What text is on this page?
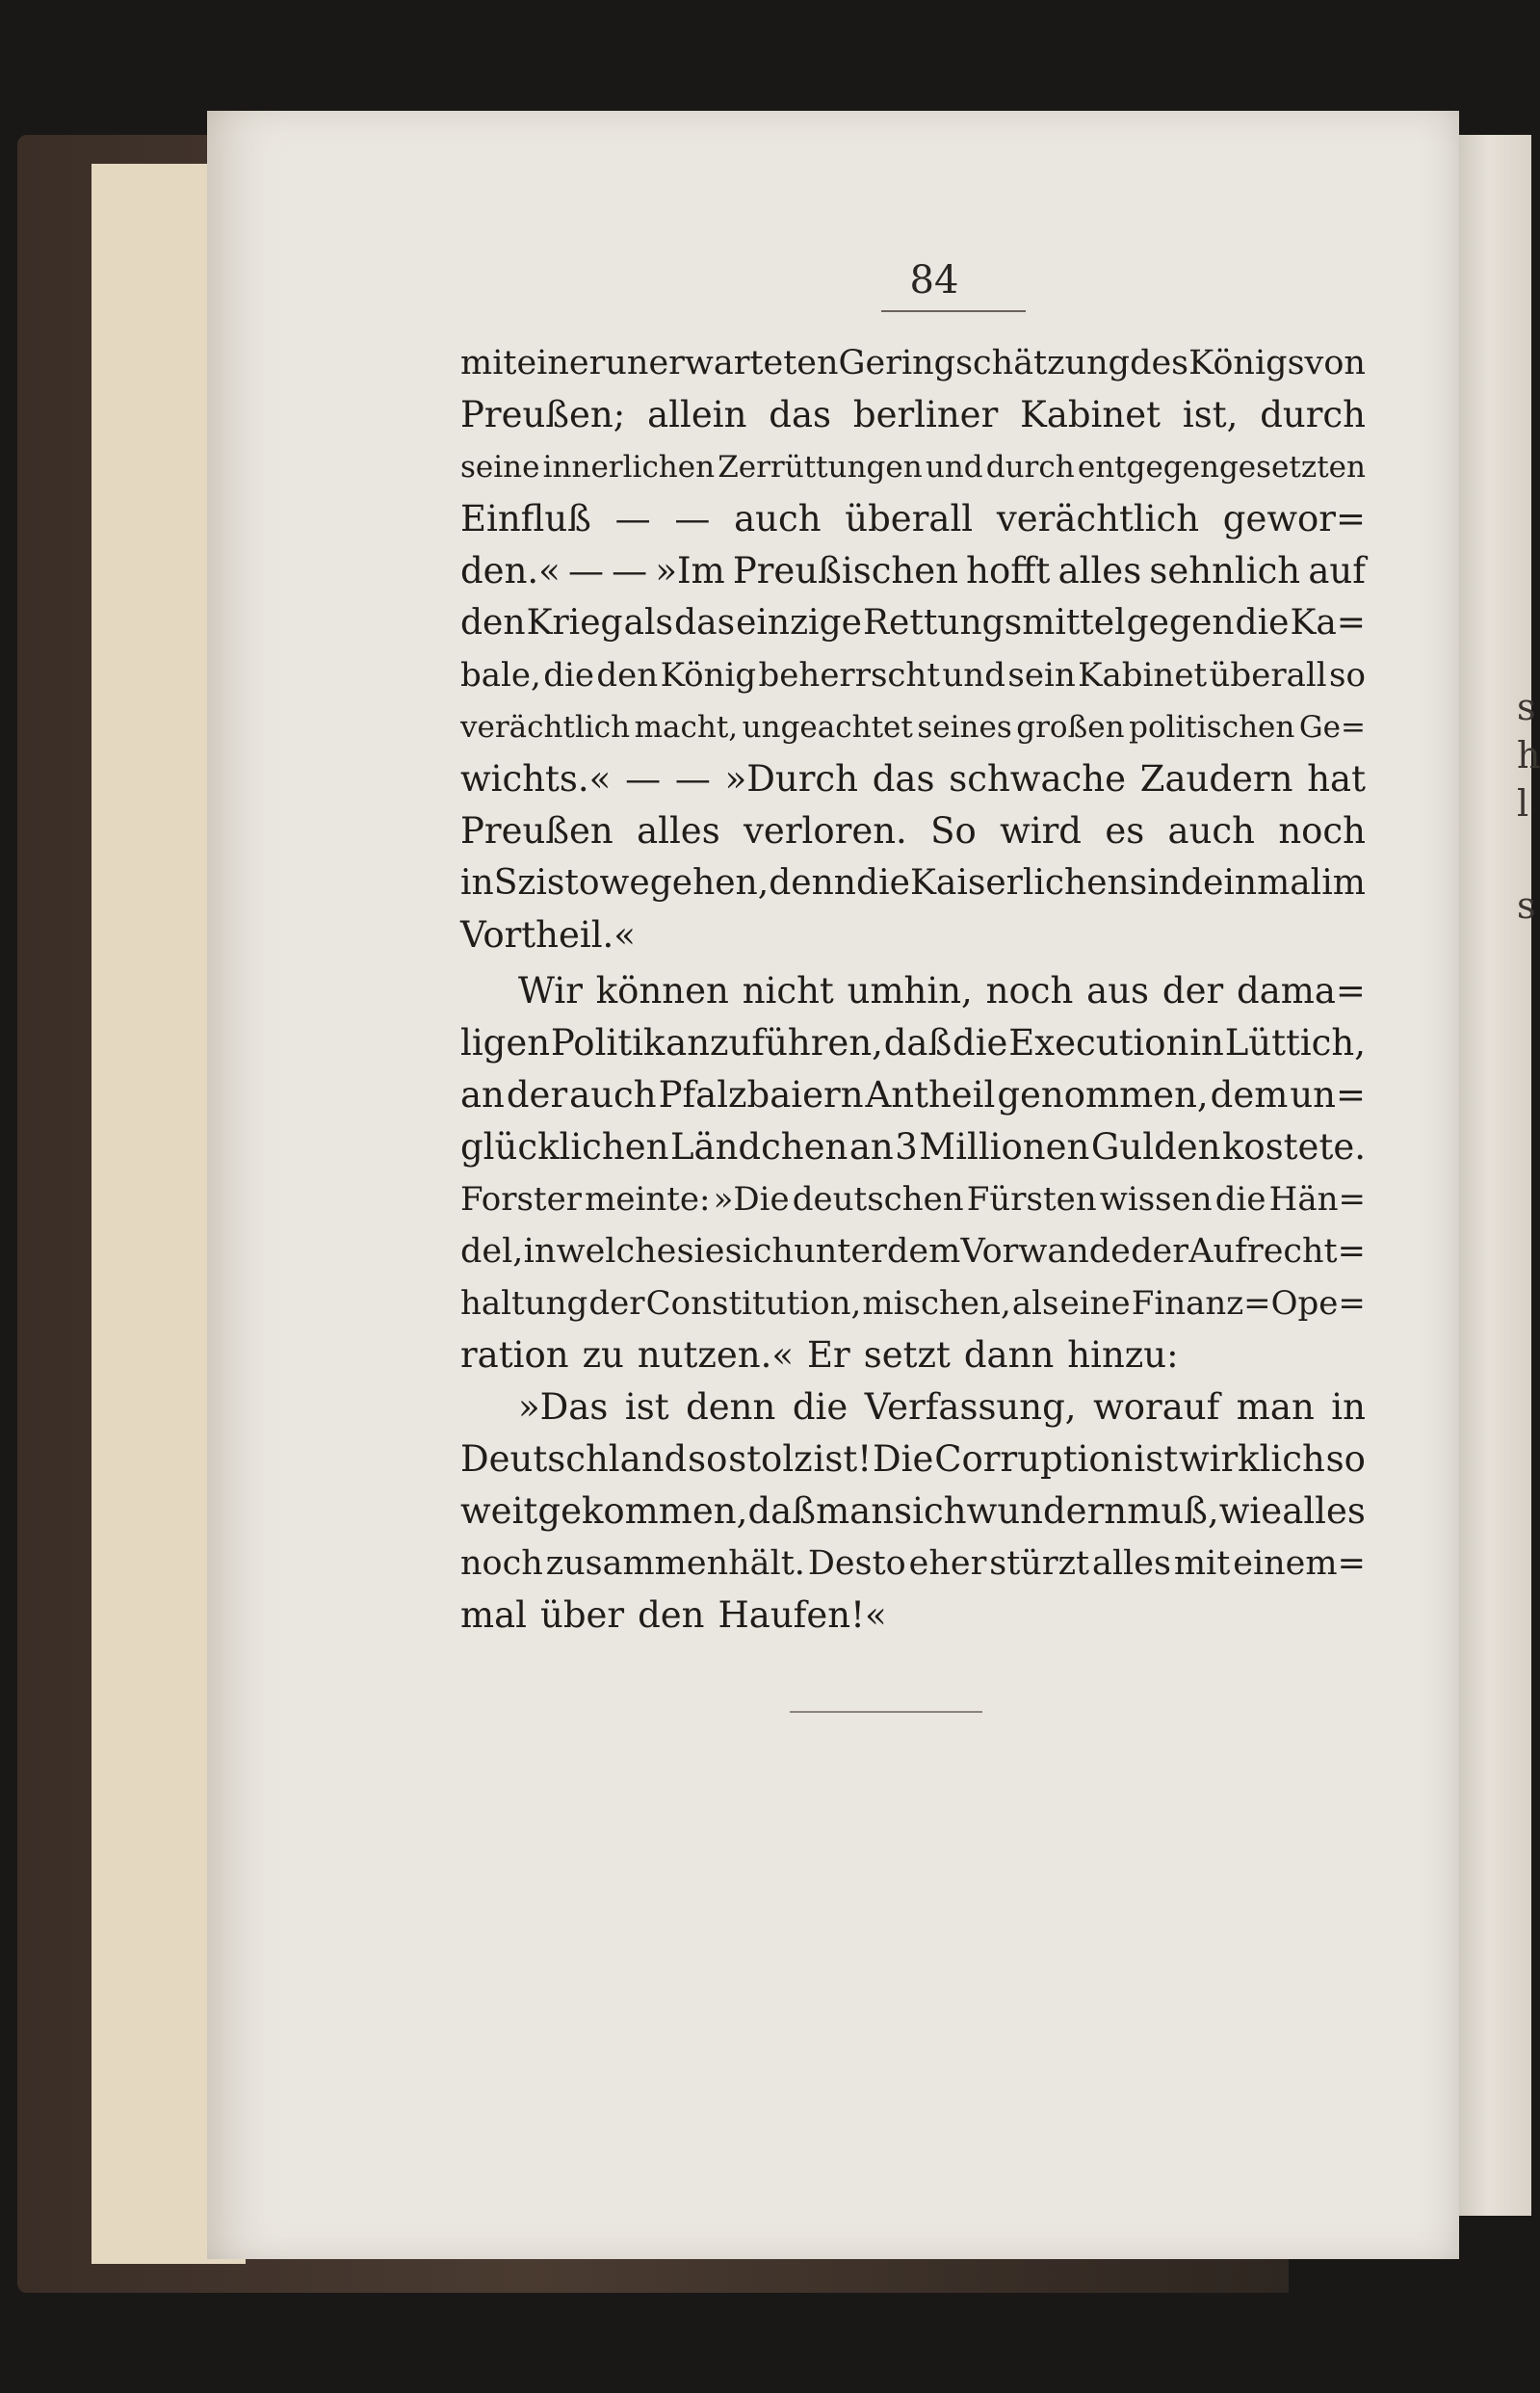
s
h
l
s
84
mit einer unerwarteten Geringschätzung des Königs von
Preußen; allein das berliner Kabinet ist, durch
seine innerlichen Zerrüttungen und durch entgegengesetzten
Einfluß — — auch überall verächtlich gewor=
den.« — — »Im Preußischen hofft alles sehnlich auf
den Krieg als das einzige Rettungsmittel gegen die Ka=
bale, die den König beherrscht und sein Kabinet überall so
verächtlich macht, ungeachtet seines großen politischen Ge=
wichts.« — — »Durch das schwache Zaudern hat
Preußen alles verloren. So wird es auch noch
in Szistowe gehen, denn die Kaiserlichen sind einmal im
Vortheil.«
Wir können nicht umhin, noch aus der dama=
ligen Politik anzuführen, daß die Execution in Lüttich,
an der auch Pfalzbaiern Antheil genommen, dem un=
glücklichen Ländchen an 3 Millionen Gulden kostete.
Forster meinte: »Die deutschen Fürsten wissen die Hän=
del, in welche sie sich unter dem Vorwande der Aufrecht=
haltung der Constitution, mischen, als eine Finanz=Ope=
ration zu nutzen.« Er setzt dann hinzu:
»Das ist denn die Verfassung, worauf man in
Deutschland so stolz ist! Die Corruption ist wirklich so
weit gekommen, daß man sich wundern muß, wie alles
noch zusammenhält. Desto eher stürzt alles mit einem=
mal über den Haufen!«
